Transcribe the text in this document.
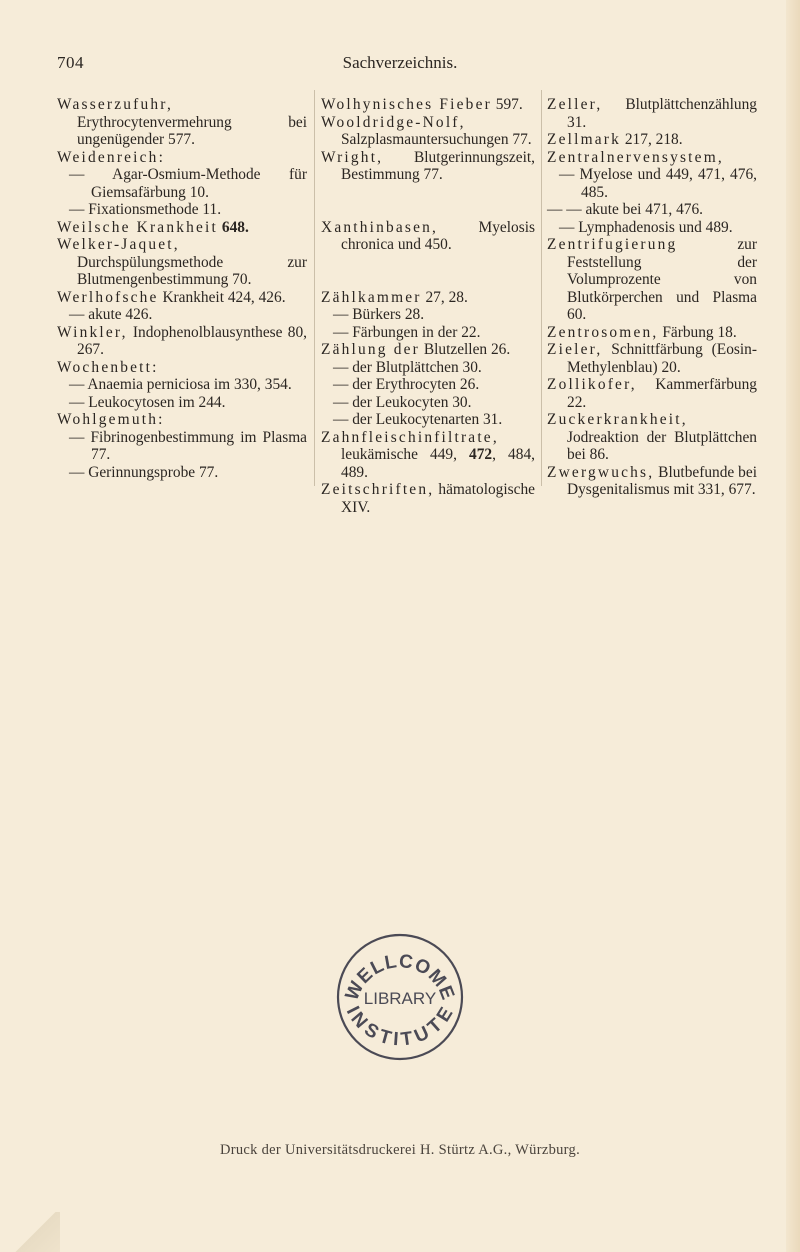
704	Sachverzeichnis.
Wasserzufuhr, Erythrocytenvermehrung bei ungenügender 577.
Weidenreich:
— Agar-Osmium-Methode für Giemsafärbung 10.
— Fixationsmethode 11.
Weilsche Krankheit 648.
Welker-Jaquet, Durchspülungsmethode zur Blutmengenbestimmung 70.
Werlhofsche Krankheit 424, 426.
— akute 426.
Winkler, Indophenolblausynthese 80, 267.
Wochenbett:
— Anaemia perniciosa im 330, 354.
— Leukocytosen im 244.
Wohlgemuth:
— Fibrinogenbestimmung im Plasma 77.
— Gerinnungsprobe 77.
Wolhynisches Fieber 597.
Wooldridge-Nolf, Salzplasmauntersuchungen 77.
Wright, Blutgerinnungszeit, Bestimmung 77.
Xanthinbasen, Myelosis chronica und 450.
Zählkammer 27, 28.
— Bürkers 28.
— Färbungen in der 22.
Zählung der Blutzellen 26.
— der Blutplättchen 30.
— der Erythrocyten 26.
— der Leukocyten 30.
— der Leukocytenarten 31.
Zahnfleischinfiltrate, leukämische 449, 472, 484, 489.
Zeitschriften, hämatologische XIV.
Zeller, Blutplättchenzählung 31.
Zellmark 217, 218.
Zentralnervensystem,
— Myelose und 449, 471, 476, 485.
— — akute bei 471, 476.
— Lymphadenosis und 489.
Zentrifugierung zur Feststellung der Volumprozente von Blutkörperchen und Plasma 60.
Zentrosomen, Färbung 18.
Zieler, Schnittfärbung (Eosin-Methylenblau) 20.
Zollikofer, Kammerfärbung 22.
Zuckerkrankheit, Jodreaktion der Blutplättchen bei 86.
Zwergwuchs, Blutbefunde bei Dysgenitalismus mit 331, 677.
WELLCOME
LIBRARY
INSTITUTE
Druck der Universitätsdruckerei H. Stürtz A.G., Würzburg.
